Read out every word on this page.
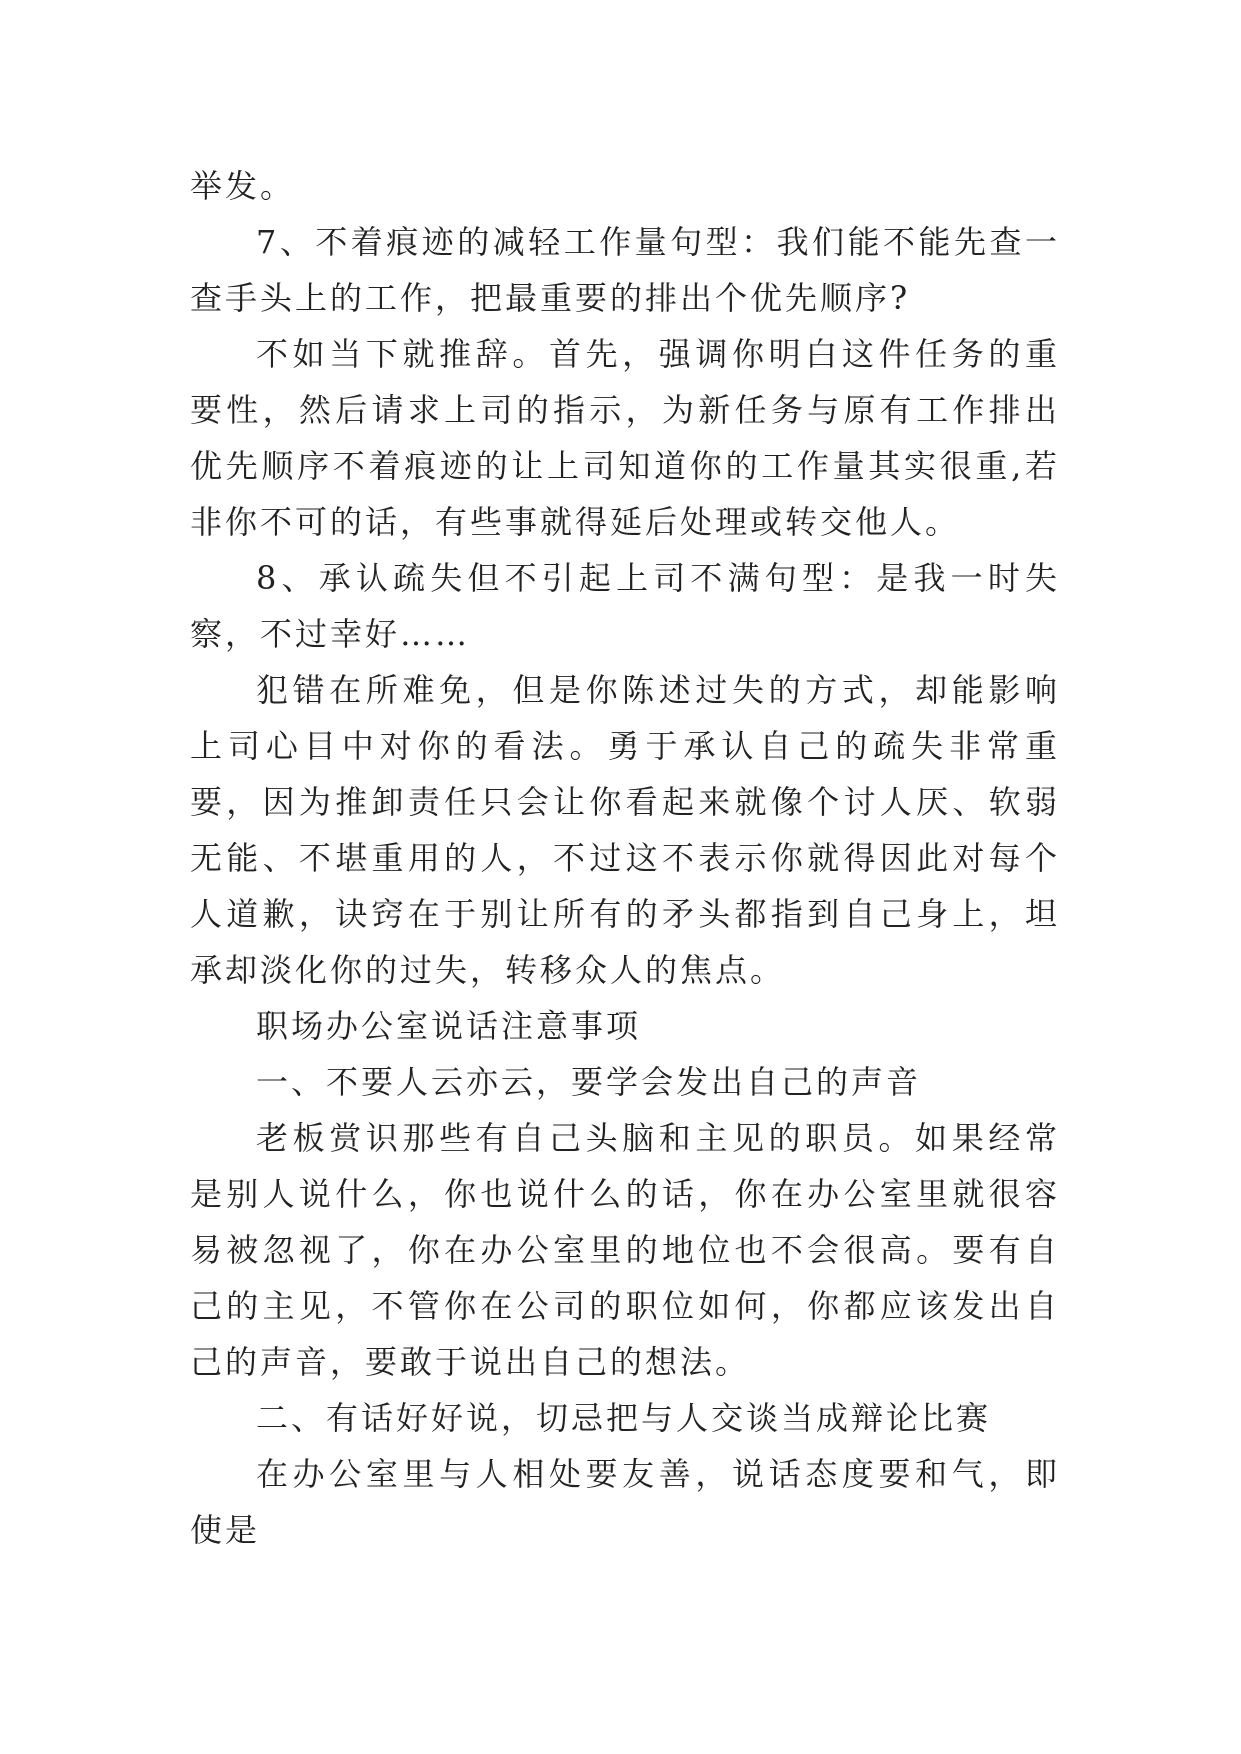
举发。

7、不着痕迹的减轻工作量句型：我们能不能先查一查手头上的工作，把最重要的排出个优先顺序?

不如当下就推辞。首先，强调你明白这件任务的重要性，然后请求上司的指示，为新任务与原有工作排出优先顺序不着痕迹的让上司知道你的工作量其实很重,若非你不可的话，有些事就得延后处理或转交他人。

8、承认疏失但不引起上司不满句型：是我一时失察，不过幸好……

犯错在所难免，但是你陈述过失的方式，却能影响上司心目中对你的看法。勇于承认自己的疏失非常重要，因为推卸责任只会让你看起来就像个讨人厌、软弱无能、不堪重用的人，不过这不表示你就得因此对每个人道歉，诀窍在于别让所有的矛头都指到自己身上，坦承却淡化你的过失，转移众人的焦点。

职场办公室说话注意事项

一、不要人云亦云，要学会发出自己的声音

老板赏识那些有自己头脑和主见的职员。如果经常是别人说什么，你也说什么的话，你在办公室里就很容易被忽视了，你在办公室里的地位也不会很高。要有自己的主见，不管你在公司的职位如何，你都应该发出自己的声音，要敢于说出自己的想法。

二、有话好好说，切忌把与人交谈当成辩论比赛

在办公室里与人相处要友善，说话态度要和气，即使是
